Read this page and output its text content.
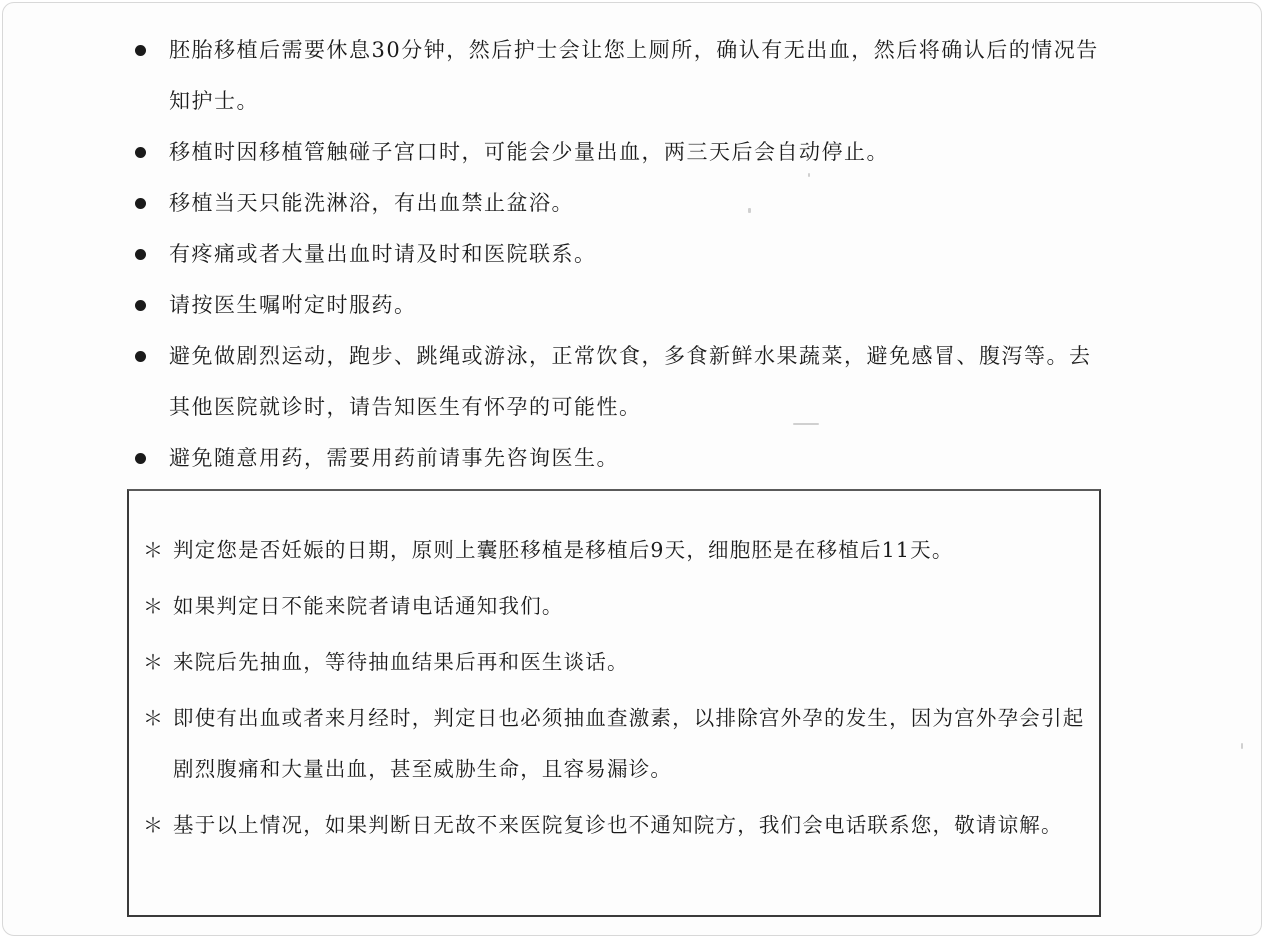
胚胎移植后需要休息30分钟，然后护士会让您上厕所，确认有无出血，然后将确认后的情况告知护士。
移植时因移植管触碰子宫口时，可能会少量出血，两三天后会自动停止。
移植当天只能洗淋浴，有出血禁止盆浴。
有疼痛或者大量出血时请及时和医院联系。
请按医生嘱咐定时服药。
避免做剧烈运动，跑步、跳绳或游泳，正常饮食，多食新鲜水果蔬菜，避免感冒、腹泻等。去其他医院就诊时，请告知医生有怀孕的可能性。
避免随意用药，需要用药前请事先咨询医生。
＊ 判定您是否妊娠的日期，原则上囊胚移植是移植后9天，细胞胚是在移植后11天。
＊ 如果判定日不能来院者请电话通知我们。
＊ 来院后先抽血，等待抽血结果后再和医生谈话。
＊ 即使有出血或者来月经时，判定日也必须抽血查激素，以排除宫外孕的发生，因为宫外孕会引起剧烈腹痛和大量出血，甚至威胁生命，且容易漏诊。
＊ 基于以上情况，如果判断日无故不来医院复诊也不通知院方，我们会电话联系您，敬请谅解。
